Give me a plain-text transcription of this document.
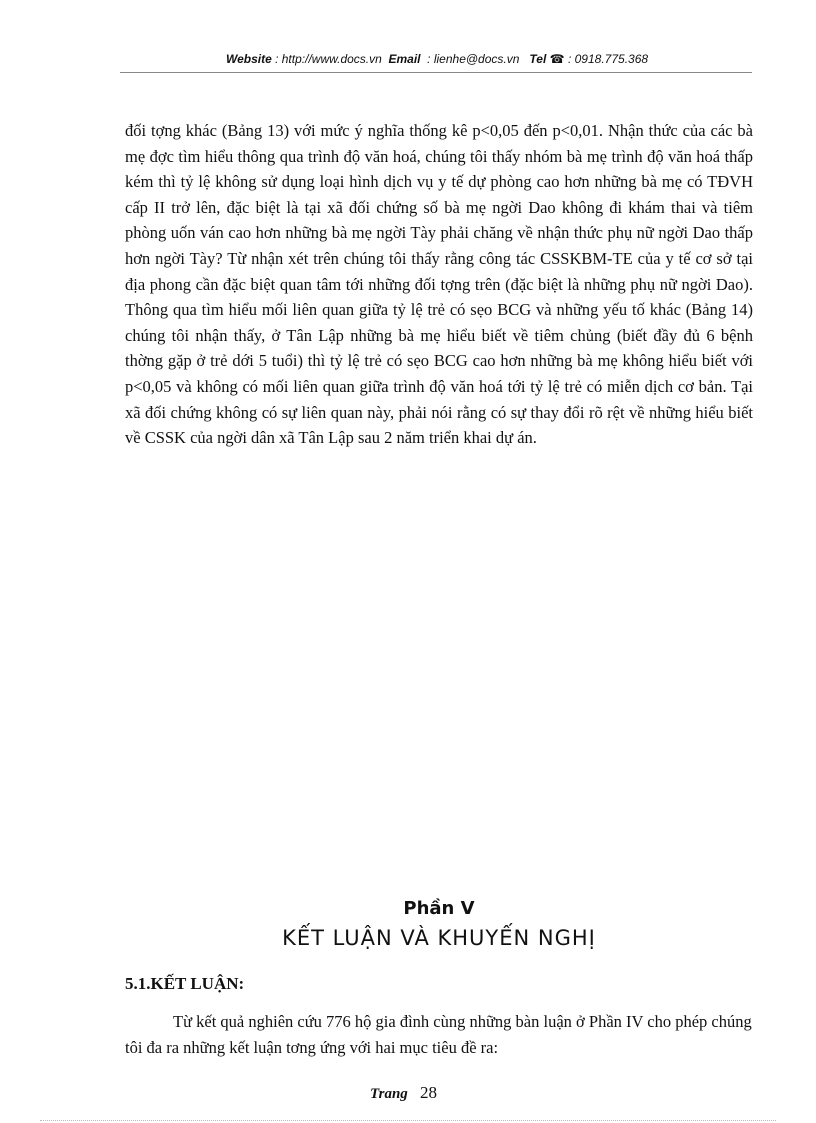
Website : http://www.docs.vn Email : lienhe@docs.vn Tel ☎ : 0918.775.368
đối tợng khác (Bảng 13) với mức ý nghĩa thống kê p<0,05 đến p<0,01. Nhận thức của các bà mẹ đợc tìm hiểu thông qua trình độ văn hoá, chúng tôi thấy nhóm bà mẹ trình độ văn hoá thấp kém thì tỷ lệ không sử dụng loại hình dịch vụ y tế dự phòng cao hơn những bà mẹ có TĐVH cấp II trở lên, đặc biệt là tại xã đối chứng số bà mẹ ngời Dao không đi khám thai và tiêm phòng uốn ván cao hơn những bà mẹ ngời Tày phải chăng về nhận thức phụ nữ ngời Dao thấp hơn ngời Tày? Từ nhận xét trên chúng tôi thấy rằng công tác CSSKBM-TE của y tế cơ sở tại địa phong cần đặc biệt quan tâm tới những đối tợng trên (đặc biệt là những phụ nữ ngời Dao). Thông qua tìm hiểu mối liên quan giữa tỷ lệ trẻ có sẹo BCG và những yếu tố khác (Bảng 14) chúng tôi nhận thấy, ở Tân Lập những bà mẹ hiểu biết về tiêm chủng (biết đầy đủ 6 bệnh thờng gặp ở trẻ dới 5 tuổi) thì tỷ lệ trẻ có sẹo BCG cao hơn những bà mẹ không hiểu biết với p<0,05 và không có mối liên quan giữa trình độ văn hoá tới tỷ lệ trẻ có miễn dịch cơ bản. Tại xã đối chứng không có sự liên quan này, phải nói rằng có sự thay đổi rõ rệt về những hiểu biết về CSSK của ngời dân xã Tân Lập sau 2 năm triển khai dự án.
Phần V
KẾT LUẬN VÀ KHUYẾN NGHỊ
5.1.KẾT LUẬN:
Từ kết quả nghiên cứu 776 hộ gia đình cùng những bàn luận ở Phần IV cho phép chúng tôi đa ra những kết luận tơng ứng với hai mục tiêu đề ra:
Trang 28
